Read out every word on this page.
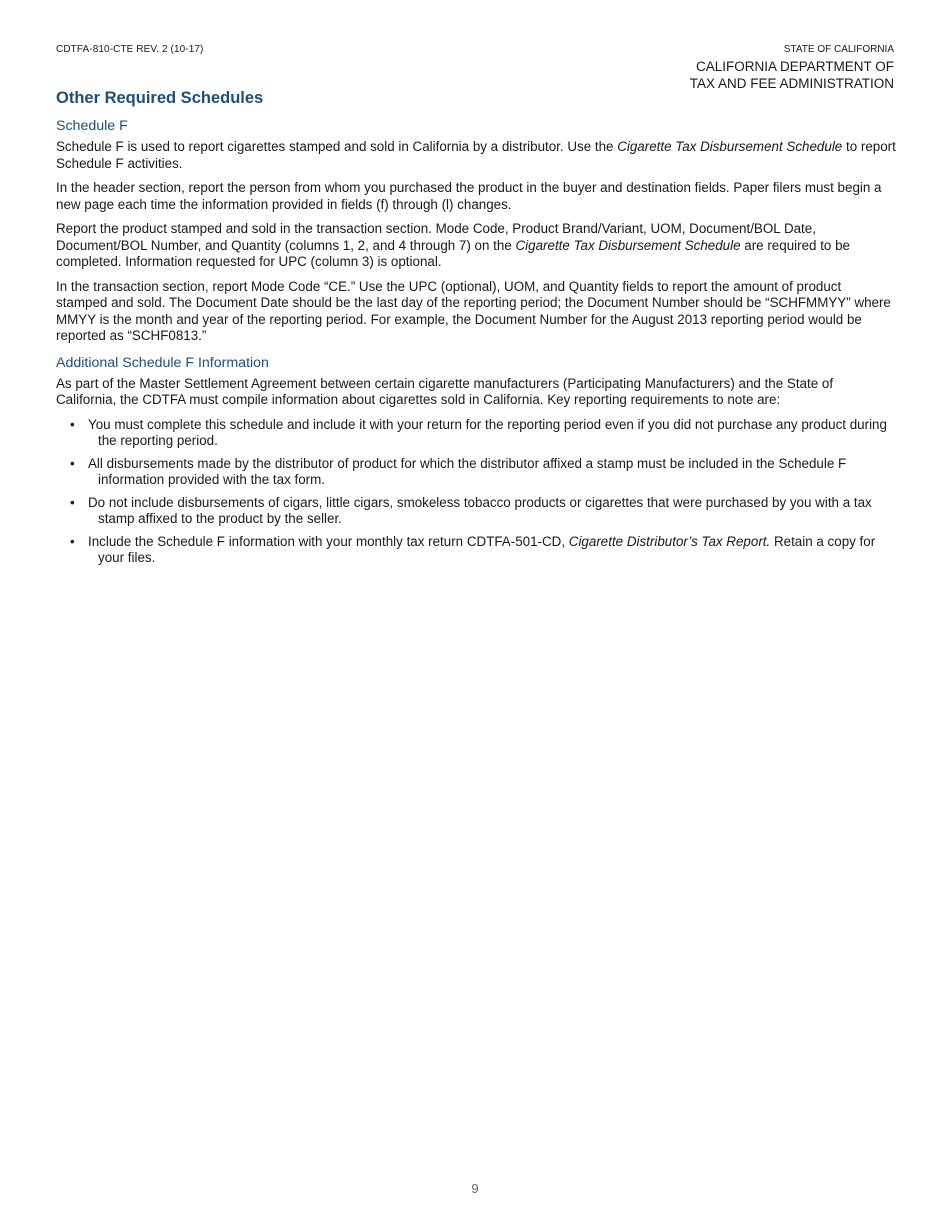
CDTFA-810-CTE REV. 2 (10-17)	STATE OF CALIFORNIA
CALIFORNIA DEPARTMENT OF
TAX AND FEE ADMINISTRATION
Other Required Schedules
Schedule F

Schedule F is used to report cigarettes stamped and sold in California by a distributor. Use the Cigarette Tax Disbursement Schedule to report Schedule F activities.

In the header section, report the person from whom you purchased the product in the buyer and destination fields. Paper filers must begin a new page each time the information provided in fields (f) through (l) changes.

Report the product stamped and sold in the transaction section. Mode Code, Product Brand/Variant, UOM, Document/BOL Date, Document/BOL Number, and Quantity (columns 1, 2, and 4 through 7) on the Cigarette Tax Disbursement Schedule are required to be completed. Information requested for UPC (column 3) is optional.

In the transaction section, report Mode Code “CE.” Use the UPC (optional), UOM, and Quantity fields to report the amount of product stamped and sold. The Document Date should be the last day of the reporting period; the Document Number should be “SCHFMMYY” where MMYY is the month and year of the reporting period. For example, the Document Number for the August 2013 reporting period would be reported as “SCHF0813.”

Additional Schedule F Information

As part of the Master Settlement Agreement between certain cigarette manufacturers (Participating Manufacturers) and the State of California, the CDTFA must compile information about cigarettes sold in California. Key reporting requirements to note are:

• You must complete this schedule and include it with your return for the reporting period even if you did not purchase any product during the reporting period.
• All disbursements made by the distributor of product for which the distributor affixed a stamp must be included in the Schedule F information provided with the tax form.
• Do not include disbursements of cigars, little cigars, smokeless tobacco products or cigarettes that were purchased by you with a tax stamp affixed to the product by the seller.
• Include the Schedule F information with your monthly tax return CDTFA-501-CD, Cigarette Distributor’s Tax Report. Retain a copy for your files.
9
